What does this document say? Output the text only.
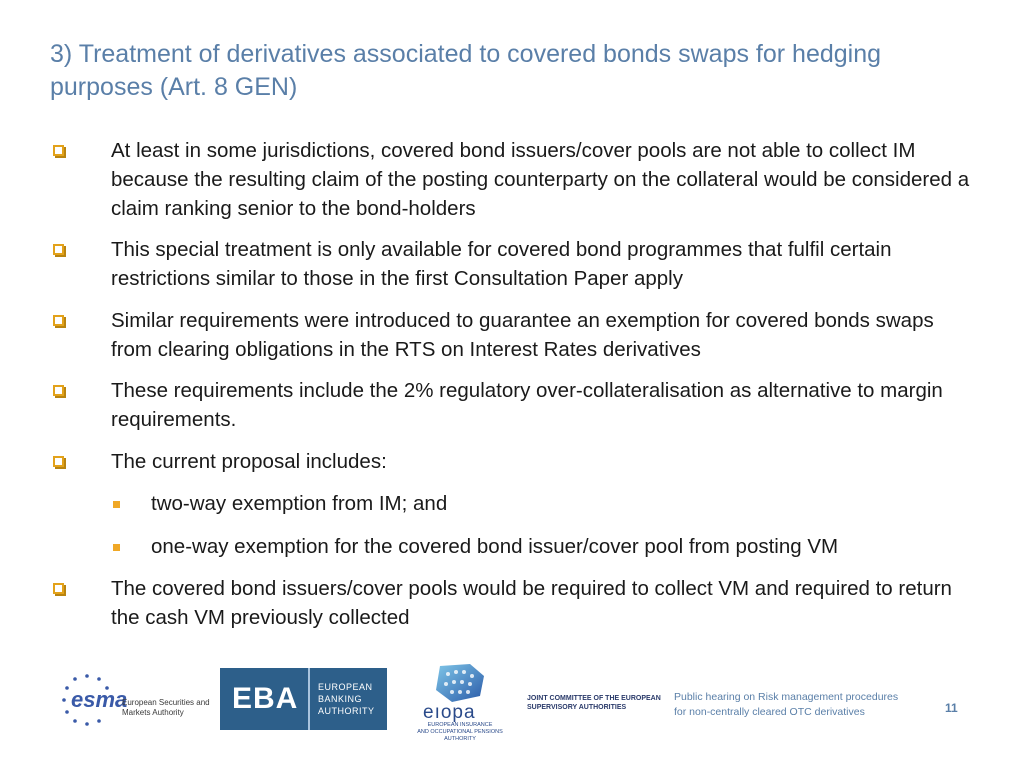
3) Treatment of derivatives associated to covered bonds swaps for hedging purposes (Art. 8 GEN)
At least in some jurisdictions, covered bond issuers/cover pools are not able to collect IM because the resulting claim of the posting counterparty on the collateral would be considered a claim ranking senior to the bond-holders
This special treatment is only available for covered bond programmes that fulfil certain restrictions similar to those in the first Consultation Paper apply
Similar requirements were introduced to guarantee an exemption for covered bonds swaps from clearing obligations in the RTS on Interest Rates derivatives
These requirements include the 2% regulatory over-collateralisation as alternative to margin requirements.
The current proposal includes:
two-way exemption from IM; and
one-way exemption for the covered bond issuer/cover pool from posting VM
The covered bond issuers/cover pools would be required to collect VM and required to return the cash VM previously collected
esma
European Securities and Markets Authority	EBA EUROPEAN
BANKING
AUTHORITY	eıopa
EUROPEAN INSURANCE
AND OCCUPATIONAL PENSIONS AUTHORITY
JOINT COMMITTEE OF THE EUROPEAN
SUPERVISORY AUTHORITIES
Public hearing on Risk management procedures
for non-centrally cleared OTC derivatives	11
